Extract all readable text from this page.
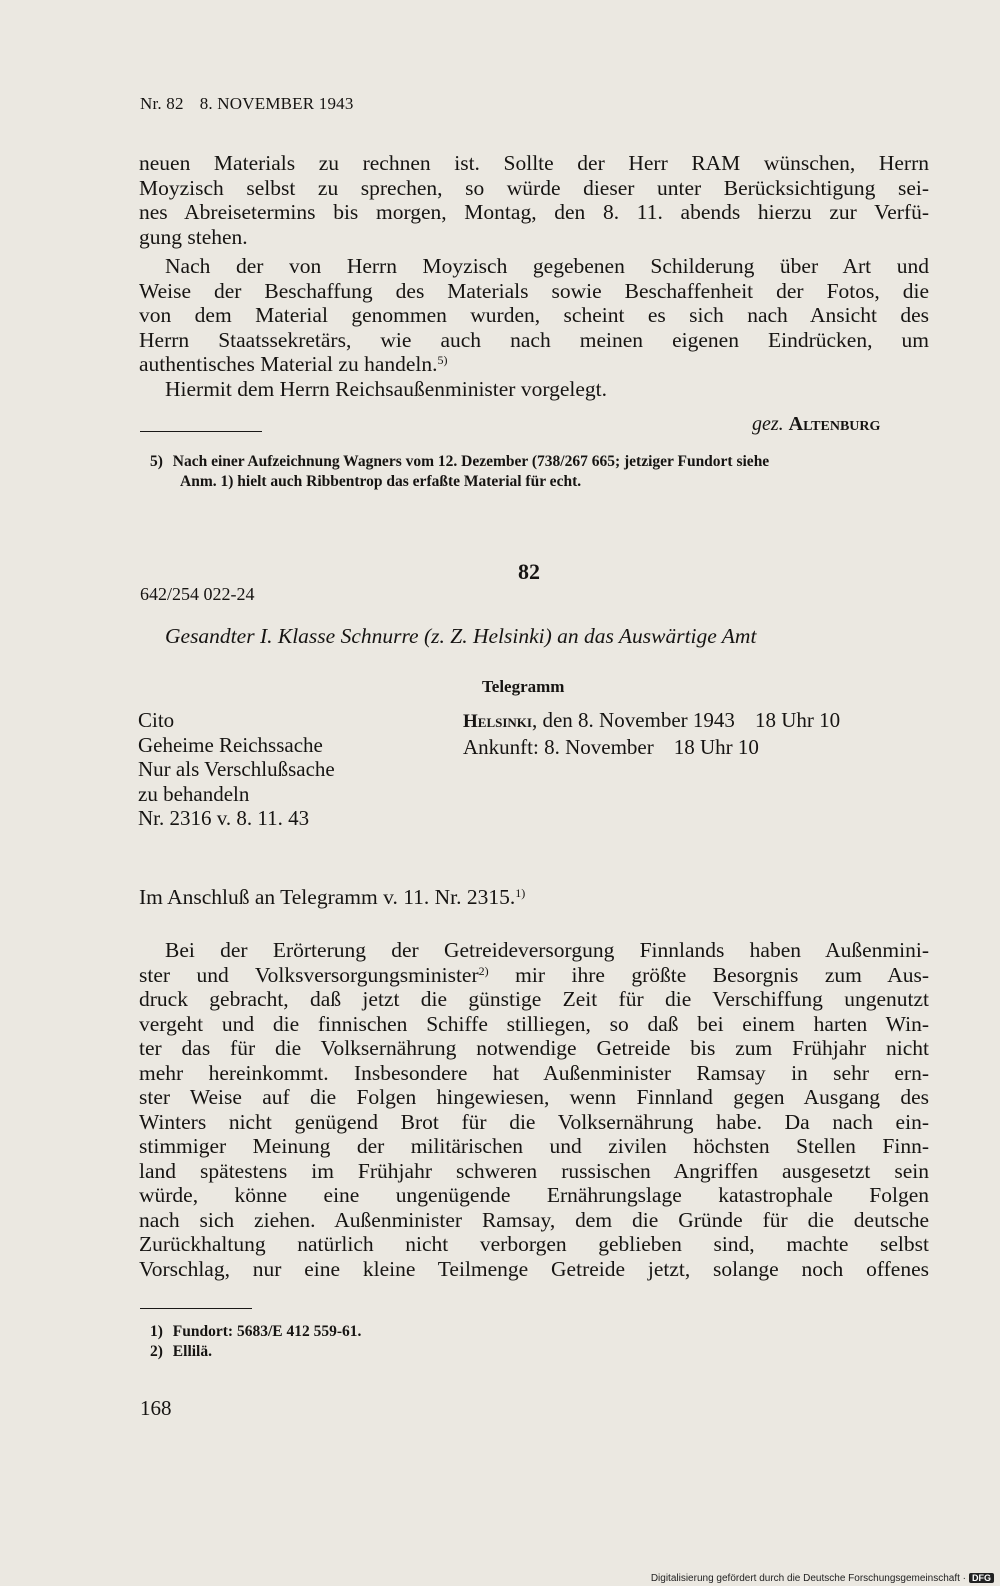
Nr. 82 8. NOVEMBER 1943
neuen Materials zu rechnen ist. Sollte der Herr RAM wünschen, Herrn
Moyzisch selbst zu sprechen, so würde dieser unter Berücksichtigung sei-
nes Abreisetermins bis morgen, Montag, den 8. 11. abends hierzu zur Verfü-
gung stehen.
Nach der von Herrn Moyzisch gegebenen Schilderung über Art und
Weise der Beschaffung des Materials sowie Beschaffenheit der Fotos, die
von dem Material genommen wurden, scheint es sich nach Ansicht des
Herrn Staatssekretärs, wie auch nach meinen eigenen Eindrücken, um
authentisches Material zu handeln.$^{5)}$
Hiermit dem Herrn Reichsaußenminister vorgelegt.
gez. Altenburg
5) Nach einer Aufzeichnung Wagners vom 12. Dezember (738/267 665; jetziger Fundort siehe
Anm. 1) hielt auch Ribbentrop das erfaßte Material für echt.
82
642/254 022-24
Gesandter I. Klasse Schnurre (z. Z. Helsinki) an das Auswärtige Amt
Telegramm
Cito
Geheime Reichssache
Nur als Verschlußsache
zu behandeln
Nr. 2316 v. 8. 11. 43
Helsinki, den 8. November 1943 18 Uhr 10
Ankunft: 8. November 18 Uhr 10
Im Anschluß an Telegramm v. 11. Nr. 2315.$^{1)}$
Bei der Erörterung der Getreideversorgung Finnlands haben Außenmini-
ster und Volksversorgungsminister$^{2)}$ mir ihre größte Besorgnis zum Aus-
druck gebracht, daß jetzt die günstige Zeit für die Verschiffung ungenutzt
vergeht und die finnischen Schiffe stilliegen, so daß bei einem harten Win-
ter das für die Volksernährung notwendige Getreide bis zum Frühjahr nicht
mehr hereinkommt. Insbesondere hat Außenminister Ramsay in sehr ern-
ster Weise auf die Folgen hingewiesen, wenn Finnland gegen Ausgang des
Winters nicht genügend Brot für die Volksernährung habe. Da nach ein-
stimmiger Meinung der militärischen und zivilen höchsten Stellen Finn-
land spätestens im Frühjahr schweren russischen Angriffen ausgesetzt sein
würde, könne eine ungenügende Ernährungslage katastrophale Folgen
nach sich ziehen. Außenminister Ramsay, dem die Gründe für die deutsche
Zurückhaltung natürlich nicht verborgen geblieben sind, machte selbst
Vorschlag, nur eine kleine Teilmenge Getreide jetzt, solange noch offenes
1) Fundort: 5683/E 412 559-61.
2) Ellilä.
168
Digitalisierung gefördert durch die Deutsche Forschungsgemeinschaft · DFG
